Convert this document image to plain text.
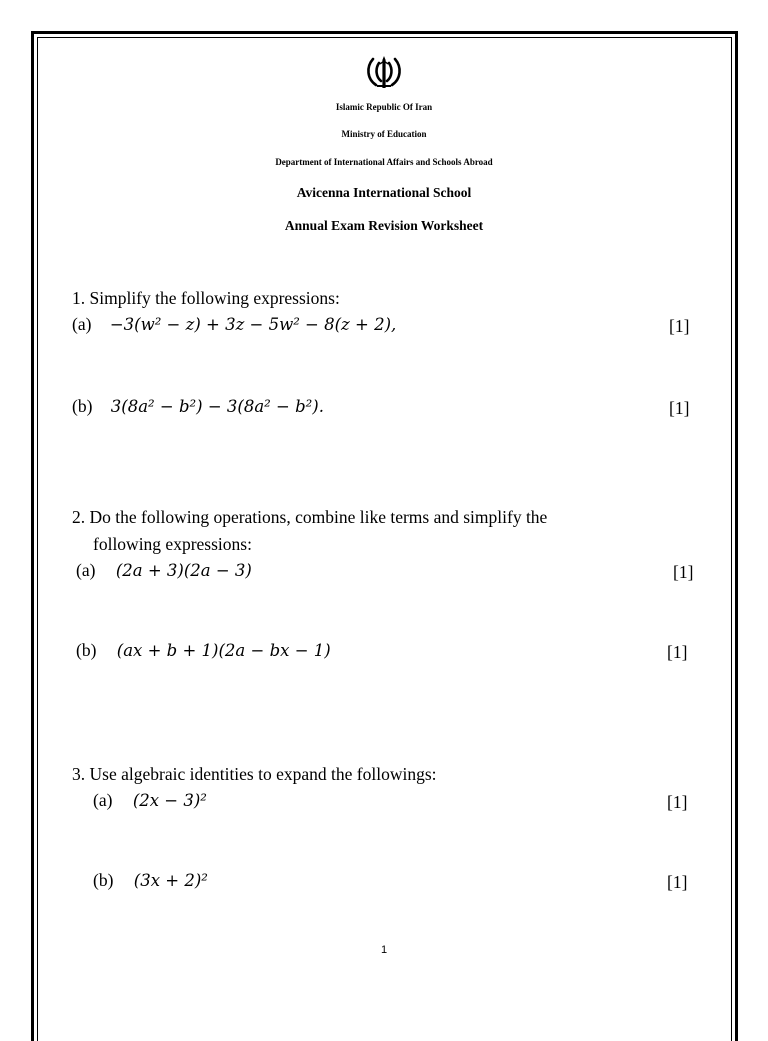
Islamic Republic Of Iran
Ministry of Education
Department of International Affairs and Schools Abroad
Avicenna International School
Annual Exam Revision Worksheet
1. Simplify the following expressions:
(a) −3(w² − z) + 3z − 5w² − 8(z + 2),	[1]
(b) 3(8a² − b²) − 3(8a² − b²).	[1]
2. Do the following operations, combine like terms and simplify the
following expressions:
(a) (2a + 3)(2a − 3)	[1]
(b) (ax + b + 1)(2a − bx − 1)	[1]
3. Use algebraic identities to expand the followings:
(a) (2x − 3)²	[1]
(b) (3x + 2)²	[1]
1
